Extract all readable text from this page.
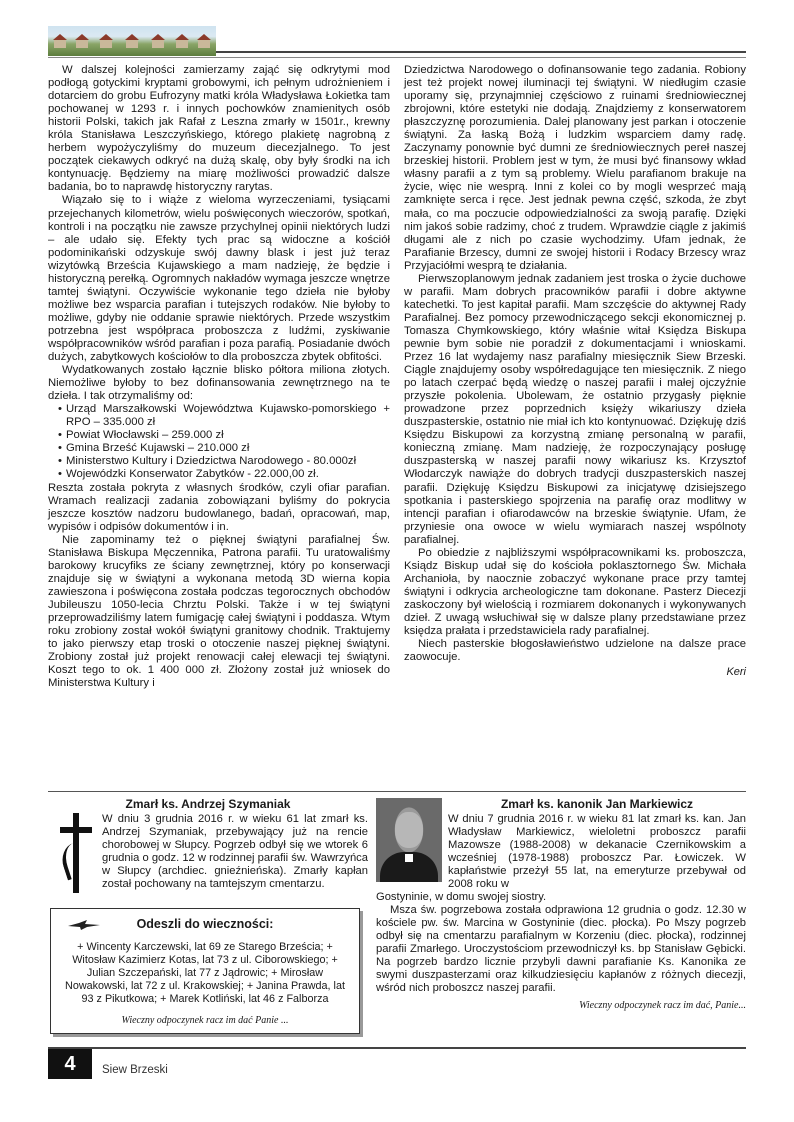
W dalszej kolejności zamierzamy zająć się odkrytymi mod podłogą gotyckimi kryptami grobowymi, ich pełnym udrożnieniem i dotarciem do grobu Eufrozyny matki króla Władysława Łokietka tam pochowanej w 1293 r. i innych pochowków znamienitych osób historii Polski, takich jak Rafał z Leszna zmarły w 1501r., krewny króla Stanisława Leszczyńskiego, którego plakietę nagrobną z herbem wypożyczyliśmy do muzeum diecezjalnego. To jest początek ciekawych odkryć na dużą skalę, oby były środki na ich kontynuację. Będziemy na miarę możliwości prowadzić dalsze badania, bo to naprawdę historyczny rarytas.

Wiązało się to i wiąże z wieloma wyrzeczeniami, tysiącami przejechanych kilometrów, wielu poświęconych wieczorów, spotkań, kontroli i na początku nie zawsze przychylnej opinii niektórych ludzi – ale udało się. Efekty tych prac są widoczne a kościół podominikański odzyskuje swój dawny blask i jest już teraz wizytówką Brześcia Kujawskiego a mam nadzieję, że będzie i historyczną perełką. Ogromnych nakładów wymaga jeszcze wnętrze tamtej świątyni. Oczywiście wykonanie tego dzieła nie byłoby możliwe bez wsparcia parafian i tutejszych rodaków. Nie byłoby to możliwe, gdyby nie oddanie sprawie niektórych. Przede wszystkim potrzebna jest współpraca proboszcza z ludźmi, zyskiwanie współpracowników wśród parafian i poza parafią. Posiadanie dwóch dużych, zabytkowych kościołów to dla proboszcza zbytek obfitości.

Wydatkowanych zostało łącznie blisko półtora miliona złotych. Niemożliwe byłoby to bez dofinansowania zewnętrznego na te dzieła. I tak otrzymaliśmy od:

• Urząd Marszałkowski Województwa Kujawsko-pomorskiego + RPO – 335.000 zł
• Powiat Włocławski – 259.000 zł
• Gmina Brześć Kujawski – 210.000 zł
• Ministerstwo Kultury i Dziedzictwa Narodowego - 80.000zł
• Wojewódzki Konserwator Zabytków - 22.000,00 zł.

Reszta została pokryta z własnych środków, czyli ofiar parafian. Wramach realizacji zadania zobowiązani byliśmy do pokrycia jeszcze kosztów nadzoru budowlanego, badań, opracowań, map, wypisów i odpisów dokumentów i in.

Nie zapominamy też o pięknej świątyni parafialnej Św. Stanisława Biskupa Męczennika, Patrona parafii. Tu uratowaliśmy barokowy krucyfiks ze ściany zewnętrznej, który po konserwacji znajduje się w świątyni a wykonana metodą 3D wierna kopia zawieszona i poświęcona została podczas tegorocznych obchodów Jubileuszu 1050-lecia Chrztu Polski. Także i w tej świątyni przeprowadziliśmy latem fumigację całej świątyni i poddasza. Wtym roku zrobiony został wokół świątyni granitowy chodnik. Traktujemy to jako pierwszy etap troski o otoczenie naszej pięknej świątyni. Zrobiony został już projekt renowacji całej elewacji tej świątyni. Koszt tego to ok. 1 400 000 zł. Złożony został już wniosek do Ministerstwa Kultury i

Dziedzictwa Narodowego o dofinansowanie tego zadania. Robiony jest też projekt nowej iluminacji tej świątyni. W niedługim czasie uporamy się, przynajmniej częściowo z ruinami średniowiecznej zbrojowni, które estetyki nie dodają. Znajdziemy z konserwatorem płaszczyznę porozumienia. Dalej planowany jest parkan i otoczenie świątyni. Za łaską Bożą i ludzkim wsparciem damy radę. Zaczynamy ponownie być dumni ze średniowiecznych pereł naszej brzeskiej historii. Problem jest w tym, że musi być finansowy wkład własny parafii a z tym są problemy. Wielu parafianom brakuje na życie, więc nie wesprą. Inni z kolei co by mogli wesprzeć mają zamknięte serca i ręce. Jest jednak pewna część, szkoda, że zbyt mała, co ma poczucie odpowiedzialności za swoją parafię. Dzięki nim jakoś sobie radzimy, choć z trudem. Wprawdzie ciągle z jakimiś długami ale z nich po czasie wychodzimy. Ufam jednak, że Parafianie Brzescy, dumni ze swojej historii i Rodacy Brzescy wraz Przyjaciółmi wesprą te działania.

Pierwszoplanowym jednak zadaniem jest troska o życie duchowe w parafii. Mam dobrych pracowników parafii i dobre aktywne katechetki. To jest kapitał parafii. Mam szczęście do aktywnej Rady Parafialnej. Bez pomocy przewodniczącego sekcji ekonomicznej p. Tomasza Chymkowskiego, który właśnie witał Księdza Biskupa pewnie bym sobie nie poradził z dokumentacjami i wnioskami. Przez 16 lat wydajemy nasz parafialny miesięcznik Siew Brzeski. Ciągle znajdujemy osoby współredagujące ten miesięcznik. Z niego po latach czerpać będą wiedzę o naszej parafii i małej ojczyźnie przyszłe pokolenia. Ubolewam, że ostatnio przygasły pięknie prowadzone przez poprzednich księży wikariuszy dzieła duszpasterskie, ostatnio nie miał ich kto kontynuować. Dziękuję dziś Księdzu Biskupowi za korzystną zmianę personalną w parafii, konieczną zmianę. Mam nadzieję, że rozpoczynający posługę duszpasterską w naszej parafii nowy wikariusz ks. Krzysztof Włodarczyk nawiąże do dobrych tradycji duszpasterskich naszej parafii. Dziękuję Księdzu Biskupowi za inicjatywę dzisiejszego spotkania i pasterskiego spojrzenia na parafię oraz modlitwy w intencji parafian i ofiarodawców na brzeskie świątynie. Ufam, że przyniesie ona owoce w wielu wymiarach naszej wspólnoty parafialnej.

Po obiedzie z najbliższymi współpracownikami ks. proboszcza, Ksiądz Biskup udał się do kościoła poklasztornego Św. Michała Archanioła, by naocznie zobaczyć wykonane prace przy tamtej świątyni i odkrycia archeologiczne tam dokonane. Pasterz Diecezji zaskoczony był wielością i rozmiarem dokonanych i wykonywanych dzieł. Z uwagą wsłuchiwał się w dalsze plany przedstawiane przez księdza prałata i przedstawiciela rady parafialnej.

Niech pasterskie błogosławieństwo udzielone na dalsze prace zaowocuje.

Keri
Zmarł ks. Andrzej Szymaniak
W dniu 3 grudnia 2016 r. w wieku 61 lat zmarł ks. Andrzej Szymaniak, przebywający już na rencie chorobowej w Słupcy. Pogrzeb odbył się we wtorek 6 grudnia o godz. 12 w rodzinnej parafii św. Wawrzyńca w Słupcy (archdiec. gnieźnieńska). Zmarły kapłan został pochowany na tamtejszym cmentarzu.
Odeszli do wieczności:
+ Wincenty Karczewski, lat 69 ze Starego Brześcia; + Witosław Kazimierz Kotas, lat 73 z ul. Ciborowskiego; + Julian Szczepański, lat 77 z Jądrowic; + Mirosław Nowakowski, lat 72 z ul. Krakowskiej; + Janina Prawda, lat 93 z Pikutkowa; + Marek Kotliński, lat 46 z Falborza
Wieczny odpoczynek racz im dać Panie ...
Zmarł ks. kanonik Jan Markiewicz
W dniu 7 grudnia 2016 r. w wieku 81 lat zmarł ks. kan. Jan Władysław Markiewicz, wieloletni proboszcz parafii Mazowsze (1988-2008) w dekanacie Czernikowskim a wcześniej (1978-1988) proboszcz Par. Łowiczek. W kapłaństwie przeżył 55 lat, na emeryturze przebywał od 2008 roku w
Gostyninie, w domu swojej siostry.
Msza św. pogrzebowa została odprawiona 12 grudnia o godz. 12.30 w kościele pw. św. Marcina w Gostyninie (diec. płocka). Po Mszy pogrzeb odbył się na cmentarzu parafialnym w Korzeniu (diec. płocka), rodzinnej parafii Zmarłego. Uroczystościom przewodniczył ks. bp Stanisław Gębicki. Na pogrzeb bardzo licznie przybyli dawni parafianie Ks. Kanonika ze swymi duszpasterzami oraz kilkudziesięciu kapłanów z różnych diecezji, wśród nich proboszcz naszej parafii.
Wieczny odpoczynek racz im dać, Panie...
4	Siew Brzeski
